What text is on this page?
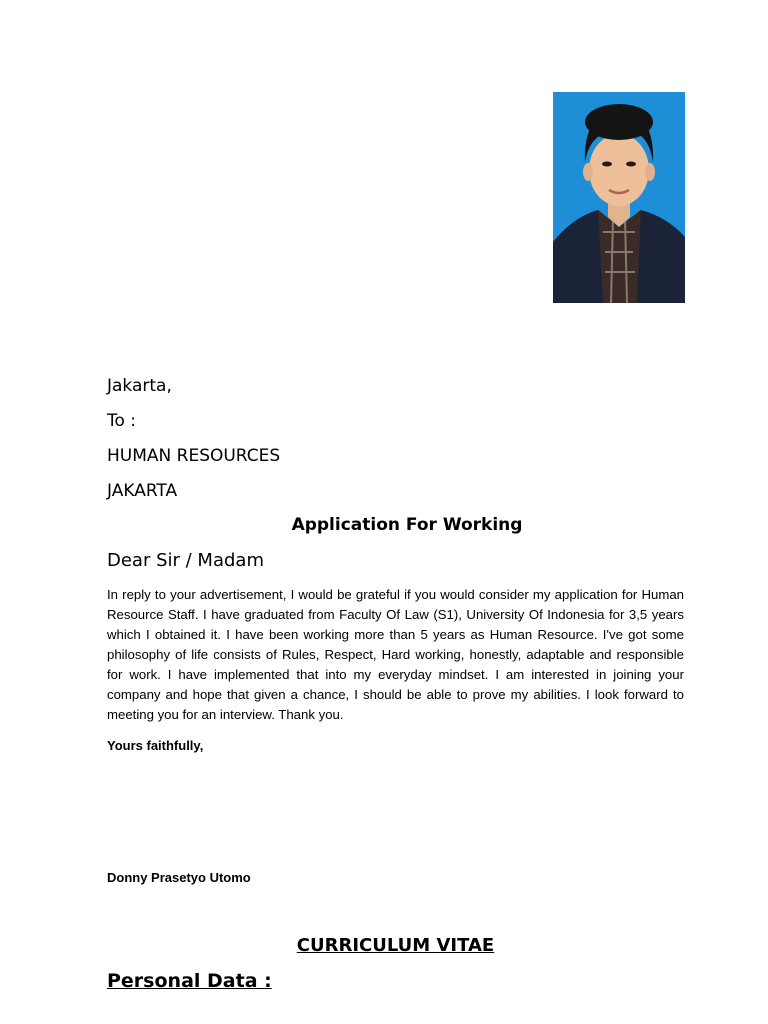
Jakarta,
To :
HUMAN RESOURCES
JAKARTA
Application For Working
Dear Sir / Madam
In reply to your advertisement, I would be grateful if you would consider my application for Human Resource Staff. I have graduated from Faculty Of Law (S1), University Of Indonesia for 3,5 years which I obtained it. I have been working more than 5 years as Human Resource. I've got some philosophy of life consists of Rules, Respect, Hard working, honestly, adaptable and responsible for work. I have implemented that into my everyday mindset. I am interested in joining your company and hope that given a chance, I should be able to prove my abilities. I look forward to meeting you for an interview. Thank you.
Yours faithfully,
Donny Prasetyo Utomo
CURRICULUM VITAE
Personal Data :
